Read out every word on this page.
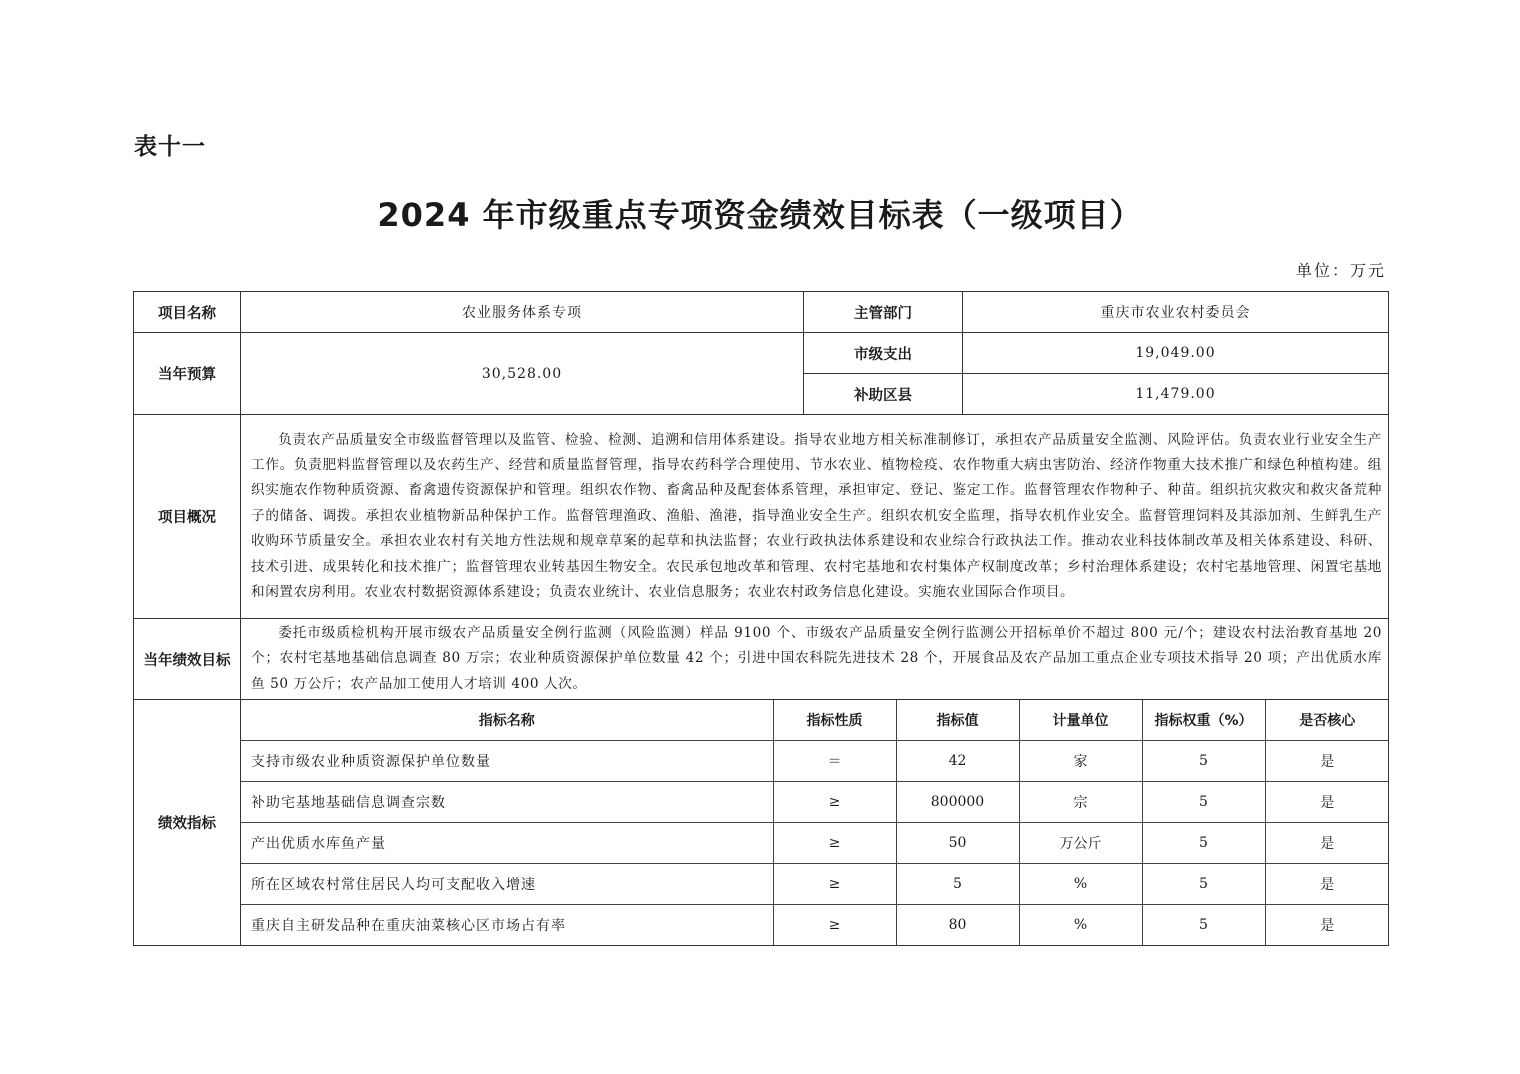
表十一
2024 年市级重点专项资金绩效目标表（一级项目）
单位：万元
项目名称	农业服务体系专项	主管部门	重庆市农业农村委员会
当年预算	30,528.00	市级支出	19,049.00
补助区县	11,479.00
项目概况	负责农产品质量安全市级监督管理以及监管、检验、检测、追溯和信用体系建设。指导农业地方相关标准制修订，承担农产品质量安全监测、风险评估。负责农业行业安全生产工作。负责肥料监督管理以及农药生产、经营和质量监督管理，指导农药科学合理使用、节水农业、植物检疫、农作物重大病虫害防治、经济作物重大技术推广和绿色种植构建。组织实施农作物种质资源、畜禽遗传资源保护和管理。组织农作物、畜禽品种及配套体系管理，承担审定、登记、鉴定工作。监督管理农作物种子、种苗。组织抗灾救灾和救灾备荒种子的储备、调拨。承担农业植物新品种保护工作。监督管理渔政、渔船、渔港，指导渔业安全生产。组织农机安全监理，指导农机作业安全。监督管理饲料及其添加剂、生鲜乳生产收购环节质量安全。承担农业农村有关地方性法规和规章草案的起草和执法监督；农业行政执法体系建设和农业综合行政执法工作。推动农业科技体制改革及相关体系建设、科研、技术引进、成果转化和技术推广；监督管理农业转基因生物安全。农民承包地改革和管理、农村宅基地和农村集体产权制度改革；乡村治理体系建设；农村宅基地管理、闲置宅基地和闲置农房利用。农业农村数据资源体系建设；负责农业统计、农业信息服务；农业农村政务信息化建设。实施农业国际合作项目。
当年绩效目标	委托市级质检机构开展市级农产品质量安全例行监测（风险监测）样品 9100 个、市级农产品质量安全例行监测公开招标单价不超过 800 元/个；建设农村法治教育基地 20 个；农村宅基地基础信息调查 80 万宗；农业种质资源保护单位数量 42 个；引进中国农科院先进技术 28 个，开展食品及农产品加工重点企业专项技术指导 20 项；产出优质水库鱼 50 万公斤；农产品加工使用人才培训 400 人次。
绩效指标	
指标名称	指标性质	指标值	计量单位	指标权重（%）	是否核心
支持市级农业种质资源保护单位数量	＝	42	家	5	是
补助宅基地基础信息调查宗数	≥	800000	宗	5	是
产出优质水库鱼产量	≥	50	万公斤	5	是
所在区域农村常住居民人均可支配收入增速	≥	5	%	5	是
重庆自主研发品种在重庆油菜核心区市场占有率	≥	80	%	5	是
